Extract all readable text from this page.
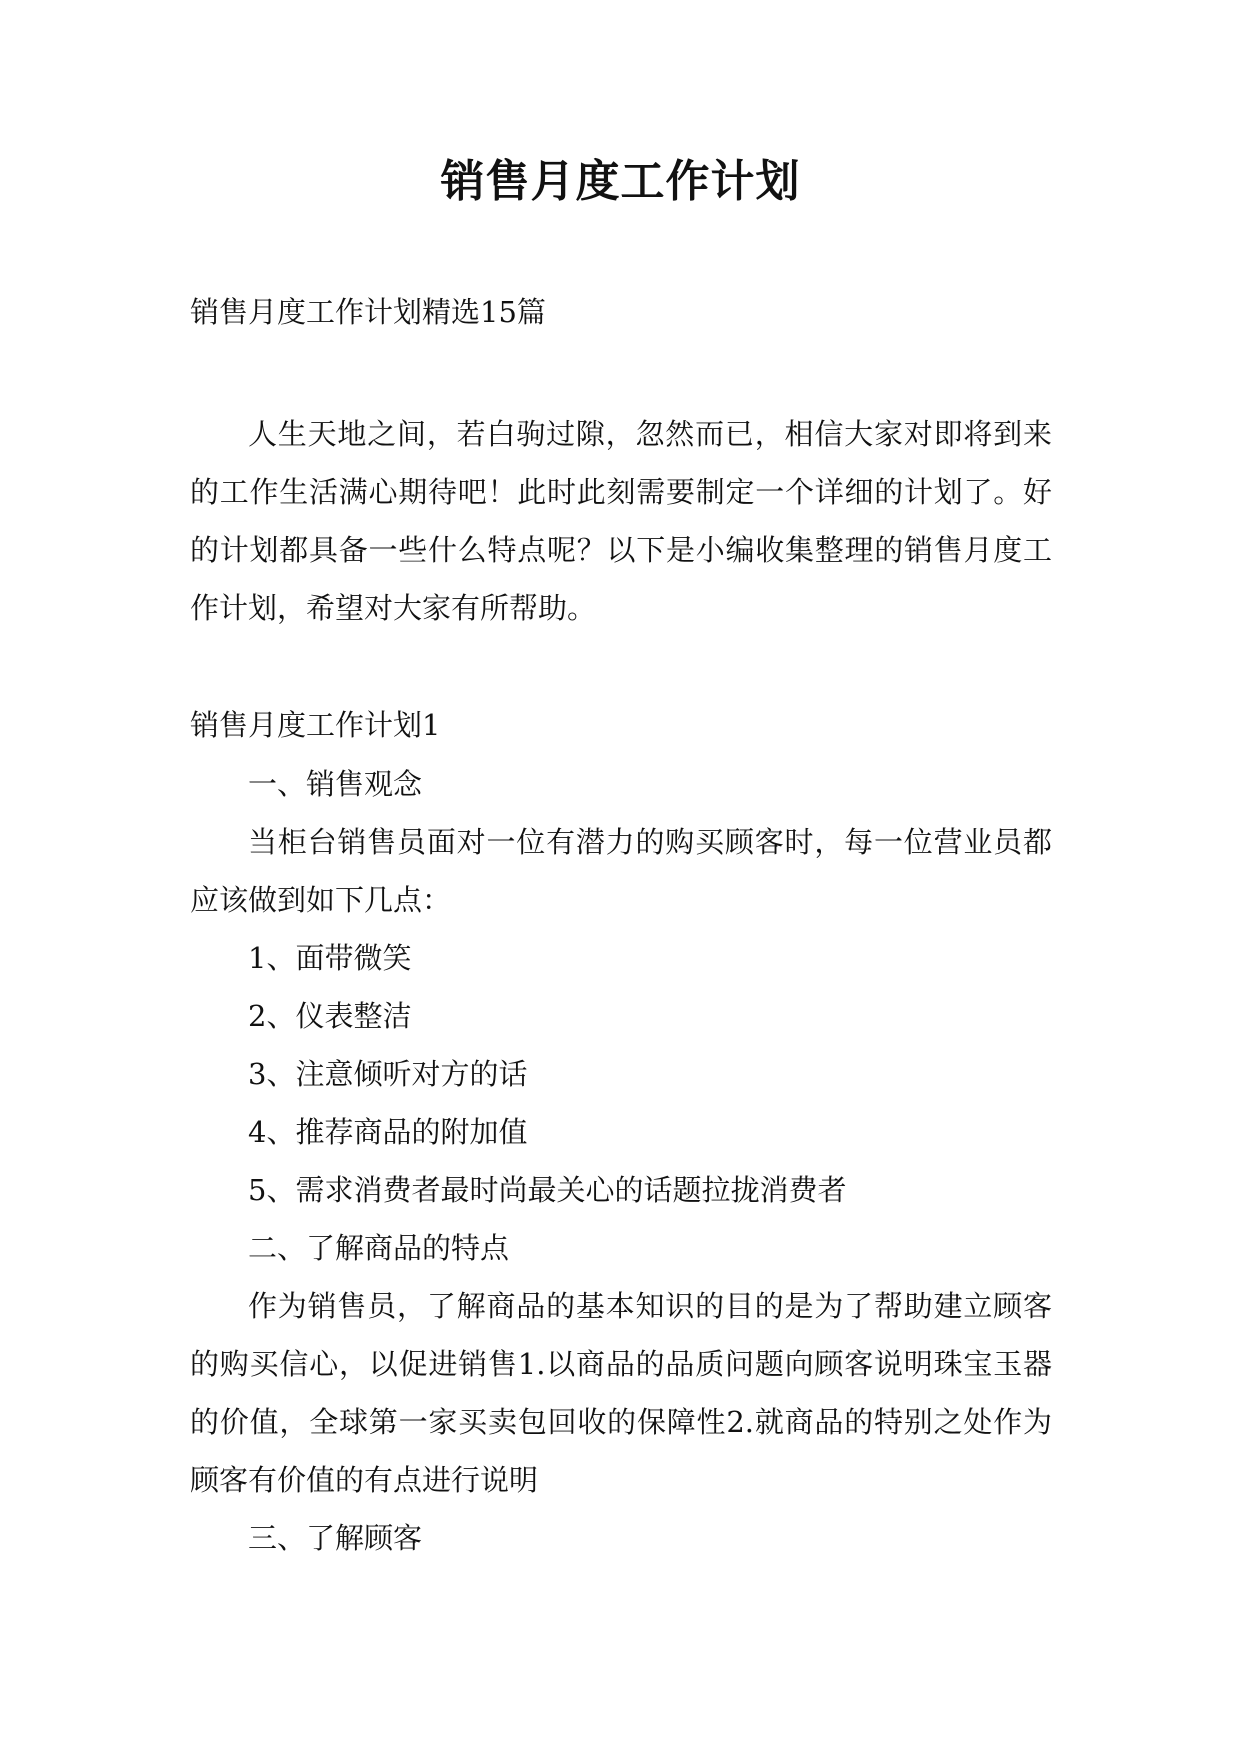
销售月度工作计划

销售月度工作计划精选15篇

人生天地之间，若白驹过隙，忽然而已，相信大家对即将到来的工作生活满心期待吧！此时此刻需要制定一个详细的计划了。好的计划都具备一些什么特点呢？以下是小编收集整理的销售月度工作计划，希望对大家有所帮助。

销售月度工作计划1

一、销售观念

当柜台销售员面对一位有潜力的购买顾客时，每一位营业员都应该做到如下几点：

1、面带微笑

2、仪表整洁

3、注意倾听对方的话

4、推荐商品的附加值

5、需求消费者最时尚最关心的话题拉拢消费者

二、了解商品的特点

作为销售员，了解商品的基本知识的目的是为了帮助建立顾客的购买信心，以促进销售1.以商品的品质问题向顾客说明珠宝玉器的价值，全球第一家买卖包回收的保障性2.就商品的特别之处作为顾客有价值的有点进行说明

三、了解顾客
